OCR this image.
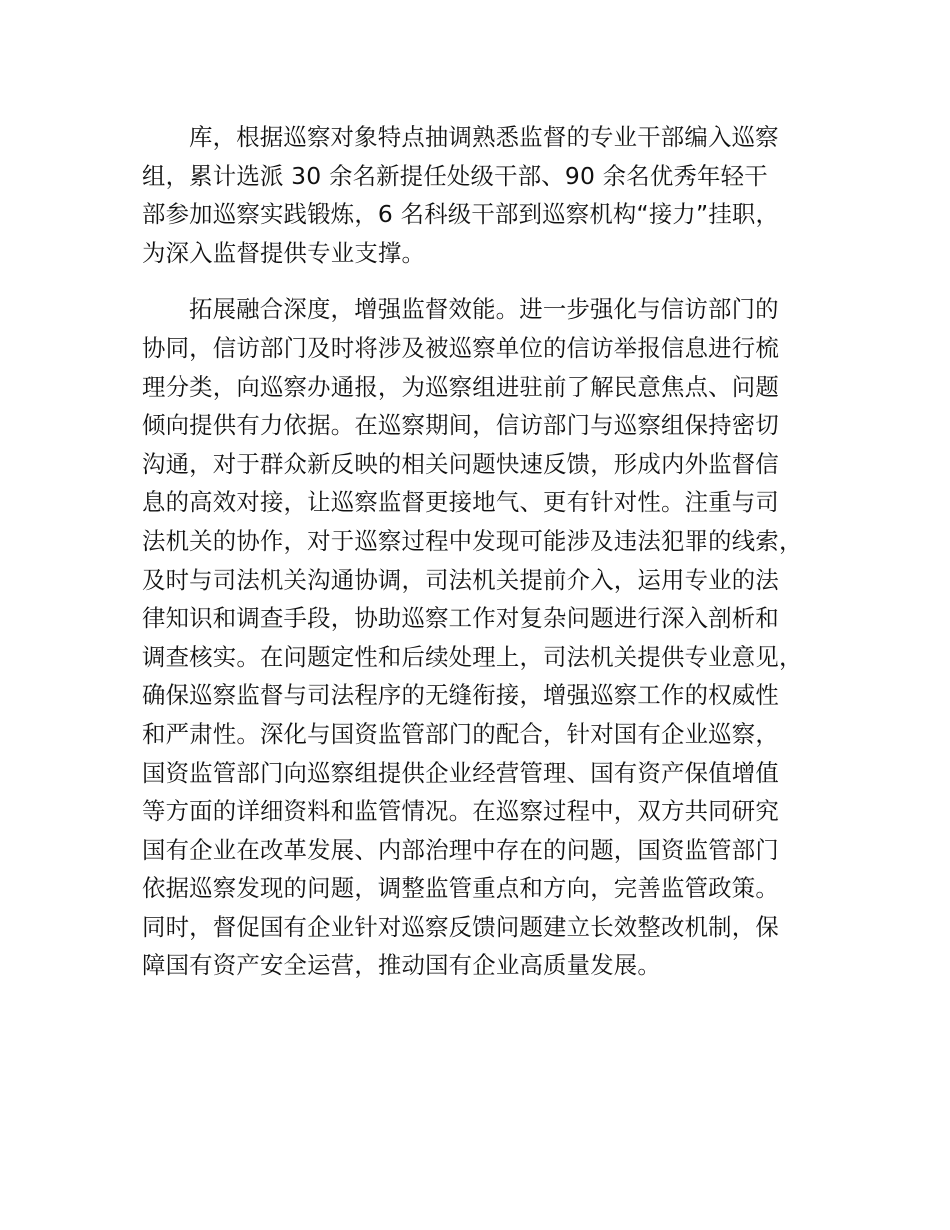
库，根据巡察对象特点抽调熟悉监督的专业干部编入巡察
组，累计选派 30 余名新提任处级干部、90 余名优秀年轻干
部参加巡察实践锻炼，6 名科级干部到巡察机构“接力”挂职，
为深入监督提供专业支撑。

拓展融合深度，增强监督效能。进一步强化与信访部门的
协同，信访部门及时将涉及被巡察单位的信访举报信息进行梳
理分类，向巡察办通报，为巡察组进驻前了解民意焦点、问题
倾向提供有力依据。在巡察期间，信访部门与巡察组保持密切
沟通，对于群众新反映的相关问题快速反馈，形成内外监督信
息的高效对接，让巡察监督更接地气、更有针对性。注重与司
法机关的协作，对于巡察过程中发现可能涉及违法犯罪的线索，
及时与司法机关沟通协调，司法机关提前介入，运用专业的法
律知识和调查手段，协助巡察工作对复杂问题进行深入剖析和
调查核实。在问题定性和后续处理上，司法机关提供专业意见，
确保巡察监督与司法程序的无缝衔接，增强巡察工作的权威性
和严肃性。深化与国资监管部门的配合，针对国有企业巡察，
国资监管部门向巡察组提供企业经营管理、国有资产保值增值
等方面的详细资料和监管情况。在巡察过程中，双方共同研究
国有企业在改革发展、内部治理中存在的问题，国资监管部门
依据巡察发现的问题，调整监管重点和方向，完善监管政策。
同时，督促国有企业针对巡察反馈问题建立长效整改机制，保
障国有资产安全运营，推动国有企业高质量发展。
